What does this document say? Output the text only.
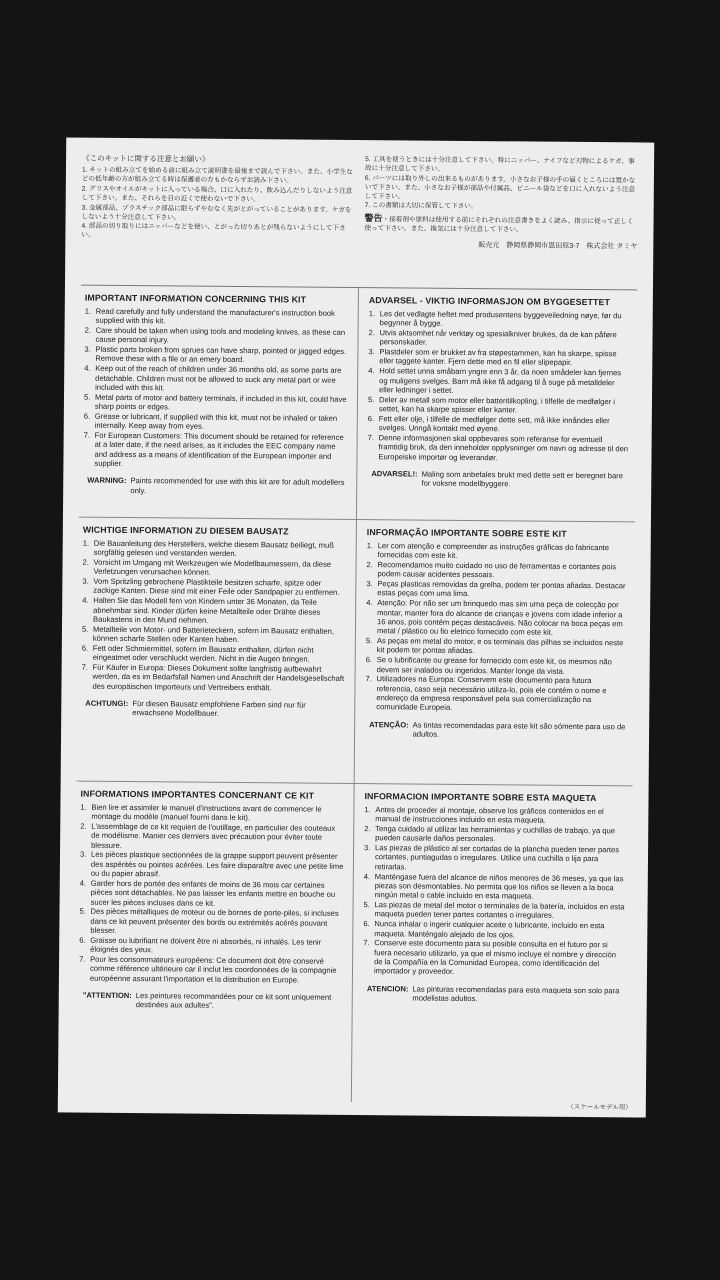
《このキットに関する注意とお願い》

1. キットの組み立てを始める前に組み立て説明書を最後まで読んで下さい。また、小学生などの低年齢の方が組み立てる時は保護者の方もかならずお読み下さい。

2. グリスやオイルがキットに入っている場合、口に入れたり、飲み込んだりしないよう注意して下さい。また、それらを目の近くで使わないで下さい。

3. 金属部品、プラスチック部品に限らずやむなく先がとがっていることがあります。ケガをしないよう十分注意して下さい。

4. 部品の切り取りにはニッパーなどを使い、とがった切りあとが残らないようにして下さい。

5. 工具を使うときには十分注意して下さい。特にニッパー、ナイフなど刃物によるケガ、事故に十分注意して下さい。

6. パーツには取り外しの出来るものがあります。小さなお子様の手の届くところには置かないで下さい。また、小さなお子様が部品や付属品、ビニール袋などを口に入れないよう注意して下さい。

7. この書類は大切に保管して下さい。

警告・接着剤や塗料は使用する前にそれぞれの注意書きをよく読み、指示に従って正しく使って下さい。また、換気には十分注意して下さい。

販売元　静岡県静岡市恩田原3-7　株式会社 タミヤ
IMPORTANT INFORMATION CONCERNING THIS KIT
1. Read carefully and fully understand the manufacturer's instruction book supplied with this kit.
2. Care should be taken when using tools and modeling knives, as these can cause personal injury.
3. Plastic parts broken from sprues can have sharp, pointed or jagged edges. Remove these with a file or an emery board.
4. Keep out of the reach of children under 36 months old, as some parts are detachable. Children must not be allowed to suck any metal part or wire included with this kit.
5. Metal parts of motor and battery terminals, if included in this kit, could have sharp points or edges.
6. Grease or lubricant, if supplied with this kit, must not be inhaled or taken internally. Keep away from eyes.
7. For European Customers: This document should be retained for reference at a later date, if the need arises, as it includes the EEC company name and address as a means of identification of the European importer and supplier.
WARNING: Paints recommended for use with this kit are for adult modellers only.
ADVARSEL - VIKTIG INFORMASJON OM BYGGESETTET
1. Les det vedlagte heftet med produsentens byggeveiledning nøye, før du begynner å bygge.
2. Utvis aktsomhet når verktøy og spesialkniver brukes, da de kan påføre personskader.
3. Plastdeler som er brukket av fra støpestammen, kan ha skarpe, spisse eller taggete kanter. Fjern dette med en fil eller slipepapir.
4. Hold settet unna småbarn yngre enn 3 år, da noen smådeler kan fjernes og muligens svelges. Barn må ikke få adgang til å suge på metalldeler eller ledninger i settet.
5. Deler av metall som motor eller batteritilkopling, i tilfelle de medfølger i settet, kan ha skarpe spisser eller kanter.
6. Fett eller olje, i tilfelle de medfølger dette sett, må ikke innåndes eller svelges. Unngå kontakt med øyene.
7. Denne informasjonen skal oppbevares som referanse for eventuell framtidig bruk, da den inneholder opplysninger om navn og adresse til den Europeiske importør og leverandør.
ADVARSEL!: Maling som anbefales brukt med dette sett er beregnet bare for voksne modellbyggere.
WICHTIGE INFORMATION ZU DIESEM BAUSATZ
1. Die Bauanleitung des Herstellers, welche diesem Bausatz beiliegt, muß sorgfältig gelesen und verstanden werden.
2. Vorsicht im Umgang mit Werkzeugen wie Modellbaumessern, da diese Verletzungen verursachen können.
3. Vom Spritzling gebrochene Plastikteile besitzen scharfe, spitze oder zackige Kanten. Diese sind mit einer Feile oder Sandpapier zu entfernen.
4. Halten Sie das Modell fern von Kindern unter 36 Monaten, da Teile abnehmbar sind. Kinder dürfen keine Metallteile oder Drähte dieses Baukastens in den Mund nehmen.
5. Metallteile von Motor- und Batterieteckern, sofern im Bausatz enthalten, können scharfe Stellen oder Kanten haben.
6. Fett oder Schmiermittel, sofern im Bausatz enthalten, dürfen nicht eingeatmet oder verschluckt werden. Nicht in die Augen bringen.
7. Für Käufer in Europa: Dieses Dokument sollte langfristig aufbewahrt werden, da es im Bedarfsfall Namen und Anschrift der Handelsgesellschaft des europäischen Importeurs und Vertreibers enthält.
ACHTUNG!: Für diesen Bausatz empfohlene Farben sind nur für erwachsene Modellbauer.
INFORMAÇÃO IMPORTANTE SOBRE ESTE KIT
1. Ler com atenção e compreender as instruções gráficas do fabricante fornecidas com este kit.
2. Recomendamos muito cuidado no uso de ferramentas e cortantes pois podem causar acidentes pessoais.
3. Peças plasticas removidas da grelha, podem ter pontas afiadas. Destacar estas peças com uma lima.
4. Atenção: Por não ser um brinquedo mas sim uma peça de colecção por montar, manter fora do alcance de crianças e jovens com idade inferior a 16 anos, pois contém peças destacáveis. Não colocar na boca peças em metal / plástico ou fio eletrico fornecido com este kit.
5. As peças em metal do motor, e os terminais das pilhas se incluidos neste kit podem ter pontas afiadas.
6. Se o lubrificante ou grease for fornecido com este kit, os mesmos não devem ser inalados ou ingeridos. Manter longe da vista.
7. Utilizadores na Europa: Conservem este documento para futura referencia, caso seja necessário utiliza-lo, pois ele contém o nome e endereço da empresa responsável pela sua comercialização na comunidade Europeia.
ATENÇÃO: As tintas recomendadas para este kit são sómente para uso de adultos.
INFORMATIONS IMPORTANTES CONCERNANT CE KIT
1. Bien lire et assimiler le manuel d'instructions avant de commencer le montage du modèle (manuel fourni dans le kit).
2. L'assemblage de ce kit requiert de l'outillage, en particulier des couteaux de modélisme. Manier ces derniers avec précaution pour éviter toute blessure.
3. Les pièces plastique sectionnées de la grappe support peuvent présenter des aspérités ou pointes acérées. Les faire disparaître avec une petite lime ou du papier abrasif.
4. Garder hors de portée des enfants de moins de 36 mois car certaines pièces sont détachables. Ne pas laisser les enfants mettre en bouche ou sucer les pièces incluses dans ce kit.
5. Des pièces métalliques de moteur ou de bornes de porte-piles, si incluses dans ce kit peuvent présenter des bords ou extrémités acérés pouvant blesser.
6. Graisse ou lubrifiant ne doivent être ni absorbés, ni inhalés. Les tenir éloignés des yeux.
7. Pour les consommateurs européens: Ce document doit être conservé comme référence ultérieure car il inclut les coordonnées de la compagnie européenne assurant l'importation et la distribution en Europe.
"ATTENTION: Les peintures recommandées pour ce kit sont uniquement destinées aux adultes".
INFORMACION IMPORTANTE SOBRE ESTA MAQUETA
1. Antes de proceder al montaje, observe los gráficos contenidos en el manual de instrucciones incluido en esta maqueta.
2. Tenga cuidado al utilizar las herramientas y cuchillas de trabajo, ya que pueden causarle daños personales.
3. Las piezas de plástico al ser cortadas de la plancha pueden tener partes cortantes, puntiagudas o irregulares. Utilice una cuchilla o lija para retirarlas.
4. Manténgase fuera del alcance de niños menores de 36 meses, ya que las piezas son desmontables. No permita que los niños se lleven a la boca ningún metal o cable incluido en esta maqueta.
5. Las piezas de metal del motor o terminales de la batería, incluidos en esta maqueta pueden tener partes cortantes o irregulares.
6. Nunca inhalar o ingerir cualquier aceite o lubricante, incluido en esta maqueta. Manténgalo alejado de los ojos.
7. Conserve este documento para su posible consulta en el futuro por si fuera necesario utilizarlo, ya que el mismo incluye el nombre y dirección de la Compañía en la Comunidad Europea, como identificación del importador y proveedor.
ATENCION: Las pinturas recomendadas para esta maqueta son solo para modelistas adultos.
（スケールモデル用）
